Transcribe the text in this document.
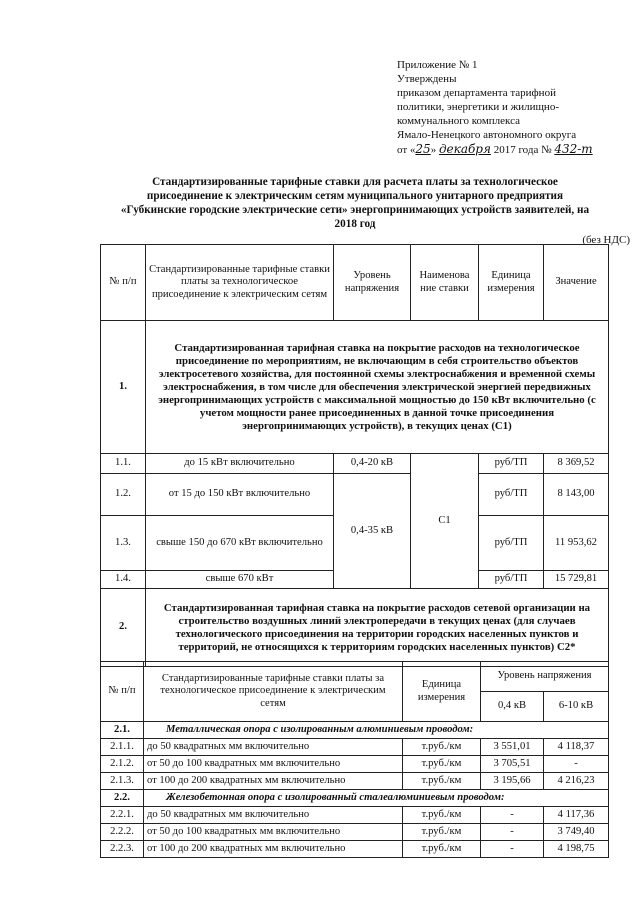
Приложение № 1
Утверждены
приказом департамента тарифной
политики, энергетики и жилищно-
коммунального комплекса
Ямало-Ненецкого автономного округа
от «25» декабря 2017 года № 432-т
Стандартизированные тарифные ставки для расчета платы за технологическое присоединение к электрическим сетям муниципального унитарного предприятия «Губкинские городские электрические сети» энергопринимающих устройств заявителей, на 2018 год
(без НДС)
№ п/п	Стандартизированные тарифные ставки платы за технологическое присоединение к электрическим сетям	Уровень напряжения	Наименова ние ставки	Единица измерения	Значение
1.	Стандартизированная тарифная ставка на покрытие расходов на технологическое присоединение по мероприятиям, не включающим в себя строительство объектов электросетевого хозяйства, для постоянной схемы электроснабжения и временной схемы электроснабжения, в том числе для обеспечения электрической энергией передвижных энергопринимающих устройств с максимальной мощностью до 150 кВт включительно (с учетом мощности ранее присоединенных в данной точке присоединения энергопринимающих устройств), в текущих ценах (С1)				
1.1.	до 15 кВт включительно	0,4-20 кВ	С1	руб/ТП	8 369,52
1.2.	от 15 до 150 кВт включительно	0,4-35 кВ		руб/ТП	8 143,00
1.3.	свыше 150 до 670 кВт включительно			руб/ТП	11 953,62
1.4.	свыше 670 кВт			руб/ТП	15 729,81
2.	Стандартизированная тарифная ставка на покрытие расходов сетевой организации на строительство воздушных линий электропередачи в текущих ценах (для случаев технологического присоединения на территории городских населенных пунктов и территорий, не относящихся к территориям городских населенных пунктов) С2*				
№ п/п	Стандартизированные тарифные ставки платы за технологическое присоединение к электрическим сетям	Единица измерения	Уровень напряжения	
			0,4 кВ	6-10 кВ
2.1.	Металлическая опора с изолированным алюминиевым проводом:			
2.1.1.	до 50 квадратных мм включительно	т.руб./км	3 551,01	4 118,37
2.1.2.	от 50 до 100 квадратных мм включительно	т.руб./км	3 705,51	-
2.1.3.	от 100 до 200 квадратных мм включительно	т.руб./км	3 195,66	4 216,23
2.2.	Железобетонная опора с изолированный сталеалюминиевым проводом:			
2.2.1.	до 50 квадратных мм включительно	т.руб./км	-	4 117,36
2.2.2.	от 50 до 100 квадратных мм включительно	т.руб./км	-	3 749,40
2.2.3.	от 100 до 200 квадратных мм включительно	т.руб./км	-	4 198,75
